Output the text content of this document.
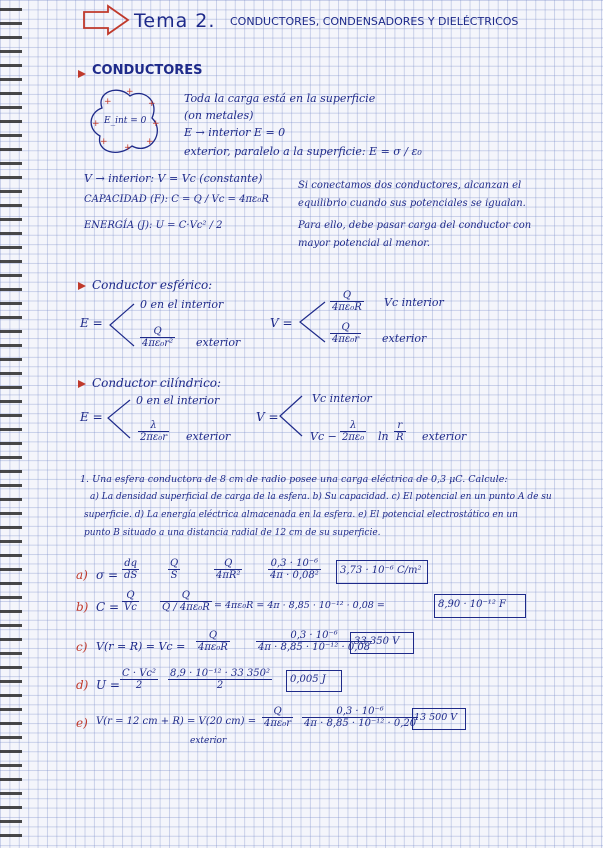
+
+
+
+
+
+
+
+
Tema 2. CONDUCTORES, CONDENSADORES Y DIELÉCTRICOS
CONDUCTORES
E_int = 0
Toda la carga está en la superficie
(on metales)
E → interior E = 0
exterior, paralelo a la superficie: E = σ / ε₀
V → interior: V = Vc (constante)
CAPACIDAD (F): C = Q / Vc = 4πε₀R
ENERGÍA (J): U = C·Vc² / 2
Si conectamos dos conductores, alcanzan el
equilibrio cuando sus potenciales se igualan.
Para ello, debe pasar carga del conductor con
mayor potencial al menor.
Conductor esférico:
E =
0 en el interior
$\frac{Q}{\text{4πε₀r²}}$ exterior
V =
$\frac{Q}{\text{4πε₀R}}$ Vc interior
$\frac{Q}{\text{4πε₀r}}$ exterior
Conductor cilíndrico:
E =
0 en el interior
$\frac{\lambda}{\text{2πε₀r}}$ exterior
V =
Vc interior
$Vc - \frac{\lambda}{\text{2πε₀}}$ $\ln \frac{r}{R}$ exterior
1. Una esfera conductora de 8 cm de radio posee una carga eléctrica de 0,3 μC. Calcule:
a) La densidad superficial de carga de la esfera. b) Su capacidad. c) El potencial en un punto A de su
superficie. d) La energía eléctrica almacenada en la esfera. e) El potencial electrostático en un
punto B situado a una distancia radial de 12 cm de su superficie.
a) $\sigma = \frac{dq}{dS}$	$\frac{Q}{S}$	$\frac{Q}{\text{4πR²}}$	$\frac{\text{0,3 · 10⁻⁶}}{\text{4π · 0,08²}} 3,73 \cdot 10^{-6}$ C/m²
b) $C = \frac{Q}{Vc} \frac{Q}{\text{Q / 4πε₀R}} = 4\pi\varepsilon_0R = 4\pi \cdot 8,85 \cdot 10^{-12} \cdot 0,08$ =	8,90 · 10⁻¹² F
c) $V(r = R) = Vc = \frac{Q}{\text{4πε₀R}}$	$\frac{\text{0,3 · 10⁻⁶}}{\text{4π · 8,85 · 10⁻¹² · 0,08}}$
33 350 V
d) $U = \frac{\text{C · Vc²}}{2} \frac{\text{8,9 · 10⁻¹² · 33 350²}}{2} 0,005$ J
e) V(r = 12 cm + R) = V(20 cm) =
exterior
$\frac{Q}{\text{4πε₀r}} \frac{\text{0,3 · 10⁻⁶}}{\text{4π · 8,85 · 10⁻¹² · 0,20}}$
13 500 V
